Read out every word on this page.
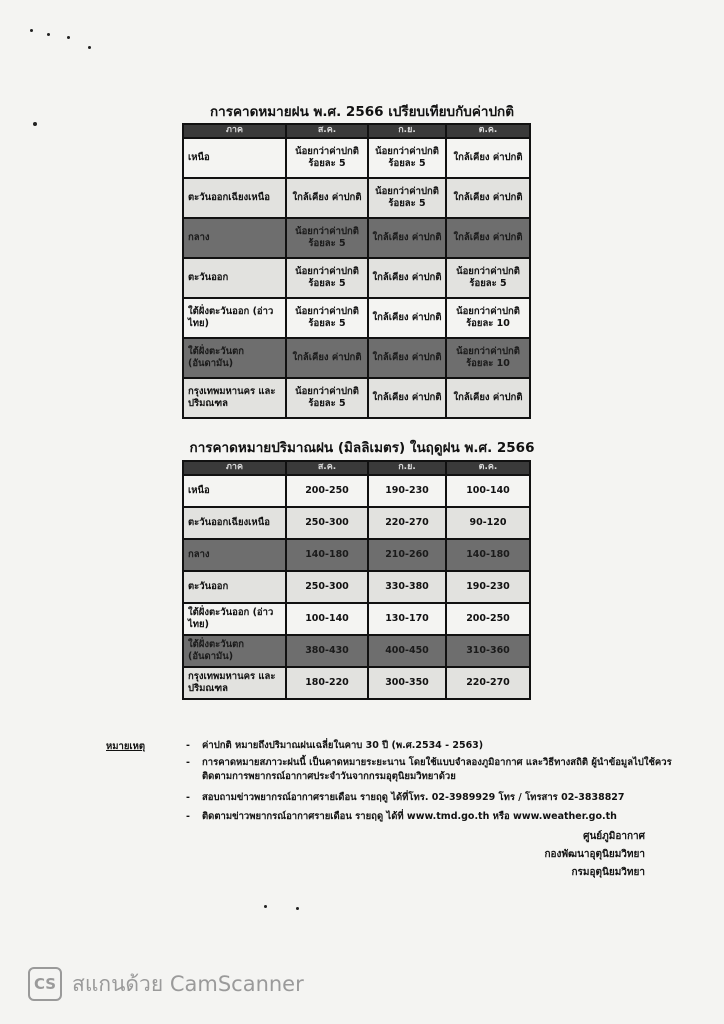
การคาดหมายฝน พ.ศ. 2566 เปรียบเทียบกับค่าปกติ
ภาค	ส.ค.	ก.ย.	ต.ค.
เหนือ	น้อยกว่าค่าปกติ ร้อยละ 5	น้อยกว่าค่าปกติ ร้อยละ 5	ใกล้เคียง ค่าปกติ
ตะวันออกเฉียงเหนือ	ใกล้เคียง ค่าปกติ	น้อยกว่าค่าปกติ ร้อยละ 5	ใกล้เคียง ค่าปกติ
กลาง	น้อยกว่าค่าปกติ ร้อยละ 5	ใกล้เคียง ค่าปกติ	ใกล้เคียง ค่าปกติ
ตะวันออก	น้อยกว่าค่าปกติ ร้อยละ 5	ใกล้เคียง ค่าปกติ	น้อยกว่าค่าปกติ ร้อยละ 5
ใต้ฝั่งตะวันออก (อ่าวไทย)	น้อยกว่าค่าปกติ ร้อยละ 5	ใกล้เคียง ค่าปกติ	น้อยกว่าค่าปกติ ร้อยละ 10
ใต้ฝั่งตะวันตก (อันดามัน)	ใกล้เคียง ค่าปกติ	ใกล้เคียง ค่าปกติ	น้อยกว่าค่าปกติ ร้อยละ 10
กรุงเทพมหานคร และปริมณฑล	น้อยกว่าค่าปกติ ร้อยละ 5	ใกล้เคียง ค่าปกติ	ใกล้เคียง ค่าปกติ
การคาดหมายปริมาณฝน (มิลลิเมตร) ในฤดูฝน พ.ศ. 2566
ภาค	ส.ค.	ก.ย.	ต.ค.
เหนือ	200-250	190-230	100-140
ตะวันออกเฉียงเหนือ	250-300	220-270	90-120
กลาง	140-180	210-260	140-180
ตะวันออก	250-300	330-380	190-230
ใต้ฝั่งตะวันออก (อ่าวไทย)	100-140	130-170	200-250
ใต้ฝั่งตะวันตก (อันดามัน)	380-430	400-450	310-360
กรุงเทพมหานคร และปริมณฑล	180-220	300-350	220-270
หมายเหตุ	- ค่าปกติ หมายถึงปริมาณฝนเฉลี่ยในคาบ 30 ปี (พ.ศ.2534 - 2563)
- การคาดหมายสภาวะฝนนี้ เป็นคาดหมายระยะนาน โดยใช้แบบจำลองภูมิอากาศ และวิธีทางสถิติ ผู้นำข้อมูลไปใช้ควรติดตามการพยากรณ์อากาศประจำวันจากกรมอุตุนิยมวิทยาด้วย
- สอบถามข่าวพยากรณ์อากาศรายเดือน รายฤดู ได้ที่โทร. 02-3989929 โทร / โทรสาร 02-3838827
- ติดตามข่าวพยากรณ์อากาศรายเดือน รายฤดู ได้ที่ www.tmd.go.th หรือ www.weather.go.th
ศูนย์ภูมิอากาศ
กองพัฒนาอุตุนิยมวิทยา
กรมอุตุนิยมวิทยา
CS สแกนด้วย CamScanner
